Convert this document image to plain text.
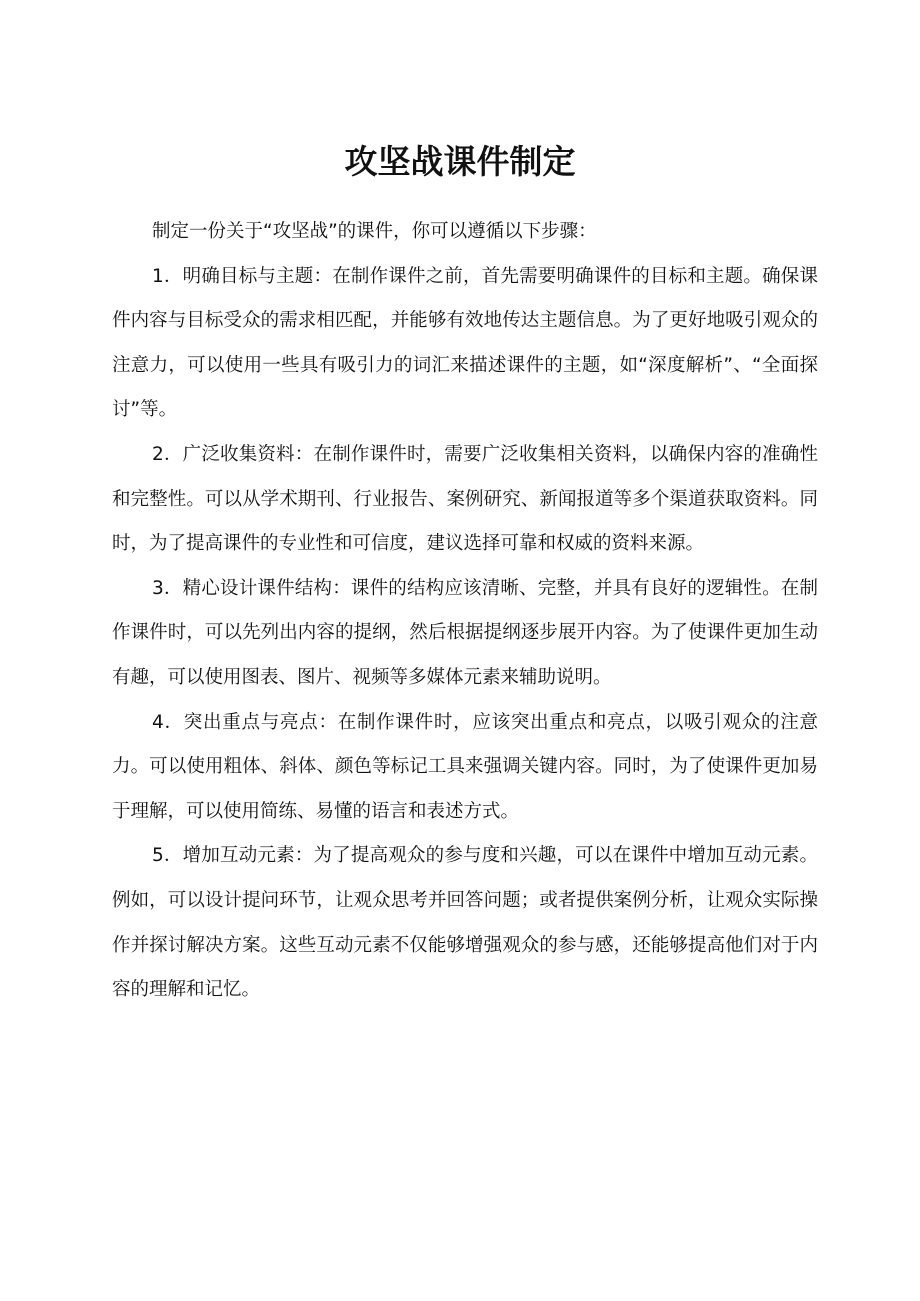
攻坚战课件制定

制定一份关于“攻坚战”的课件，你可以遵循以下步骤：

1．明确目标与主题：在制作课件之前，首先需要明确课件的目标和主题。确保课件内容与目标受众的需求相匹配，并能够有效地传达主题信息。为了更好地吸引观众的注意力，可以使用一些具有吸引力的词汇来描述课件的主题，如“深度解析”、“全面探讨”等。

2．广泛收集资料：在制作课件时，需要广泛收集相关资料，以确保内容的准确性和完整性。可以从学术期刊、行业报告、案例研究、新闻报道等多个渠道获取资料。同时，为了提高课件的专业性和可信度，建议选择可靠和权威的资料来源。

3．精心设计课件结构：课件的结构应该清晰、完整，并具有良好的逻辑性。在制作课件时，可以先列出内容的提纲，然后根据提纲逐步展开内容。为了使课件更加生动有趣，可以使用图表、图片、视频等多媒体元素来辅助说明。

4．突出重点与亮点：在制作课件时，应该突出重点和亮点，以吸引观众的注意力。可以使用粗体、斜体、颜色等标记工具来强调关键内容。同时，为了使课件更加易于理解，可以使用简练、易懂的语言和表述方式。

5．增加互动元素：为了提高观众的参与度和兴趣，可以在课件中增加互动元素。例如，可以设计提问环节，让观众思考并回答问题；或者提供案例分析，让观众实际操作并探讨解决方案。这些互动元素不仅能够增强观众的参与感，还能够提高他们对于内容的理解和记忆。
